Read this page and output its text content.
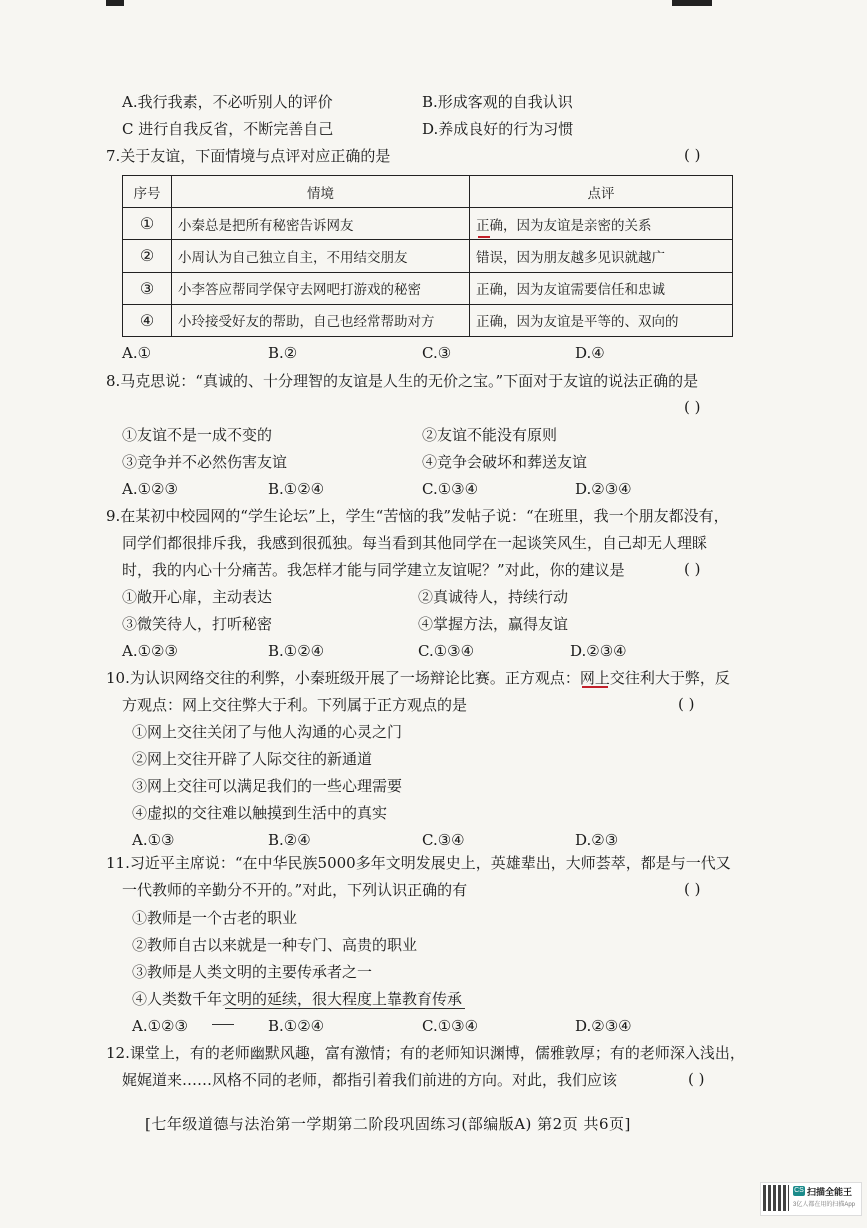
A.我行我素，不必听别人的评价	B.形成客观的自我认识
C 进行自我反省，不断完善自己	D.养成良好的行为习惯
7.关于友谊，下面情境与点评对应正确的是	( )
序号	情境	点评
①	小秦总是把所有秘密告诉网友	正确，因为友谊是亲密的关系
②	小周认为自己独立自主，不用结交朋友	错误，因为朋友越多见识就越广
③	小李答应帮同学保守去网吧打游戏的秘密	正确，因为友谊需要信任和忠诚
④	小玲接受好友的帮助，自己也经常帮助对方	正确，因为友谊是平等的、双向的
A.①	B.②	C.③	D.④
8.马克思说：“真诚的、十分理智的友谊是人生的无价之宝。”下面对于友谊的说法正确的是
( )
①友谊不是一成不变的	②友谊不能没有原则
③竞争并不必然伤害友谊	④竞争会破坏和葬送友谊
A.①②③	B.①②④	C.①③④	D.②③④
9.在某初中校园网的“学生论坛”上，学生“苦恼的我”发帖子说：“在班里，我一个朋友都没有，
同学们都很排斥我，我感到很孤独。每当看到其他同学在一起谈笑风生，自己却无人理睬
时，我的内心十分痛苦。我怎样才能与同学建立友谊呢？”对此，你的建议是	( )
①敞开心扉，主动表达	②真诚待人，持续行动
③微笑待人，打听秘密	④掌握方法，赢得友谊
A.①②③	B.①②④	C.①③④	D.②③④
10.为认识网络交往的利弊，小秦班级开展了一场辩论比赛。正方观点：网上交往利大于弊，反
方观点：网上交往弊大于利。下列属于正方观点的是	( )
①网上交往关闭了与他人沟通的心灵之门
②网上交往开辟了人际交往的新通道
③网上交往可以满足我们的一些心理需要
④虚拟的交往难以触摸到生活中的真实
A.①③	B.②④	C.③④	D.②③
11.习近平主席说：“在中华民族5000多年文明发展史上，英雄辈出，大师荟萃，都是与一代又
一代教师的辛勤分不开的。”对此，下列认识正确的有	( )
①教师是一个古老的职业
②教师自古以来就是一种专门、高贵的职业
③教师是人类文明的主要传承者之一
④人类数千年文明的延续，很大程度上靠教育传承
A.①②③	B.①②④	C.①③④	D.②③④
12.课堂上，有的老师幽默风趣，富有激情；有的老师知识渊博，儒雅敦厚；有的老师深入浅出，
娓娓道来……风格不同的老师，都指引着我们前进的方向。对此，我们应该	( )
[七年级道德与法治第一学期第二阶段巩固练习(部编版A) 第2页 共6页]
CS 扫描全能王
3亿人都在用的扫描App
